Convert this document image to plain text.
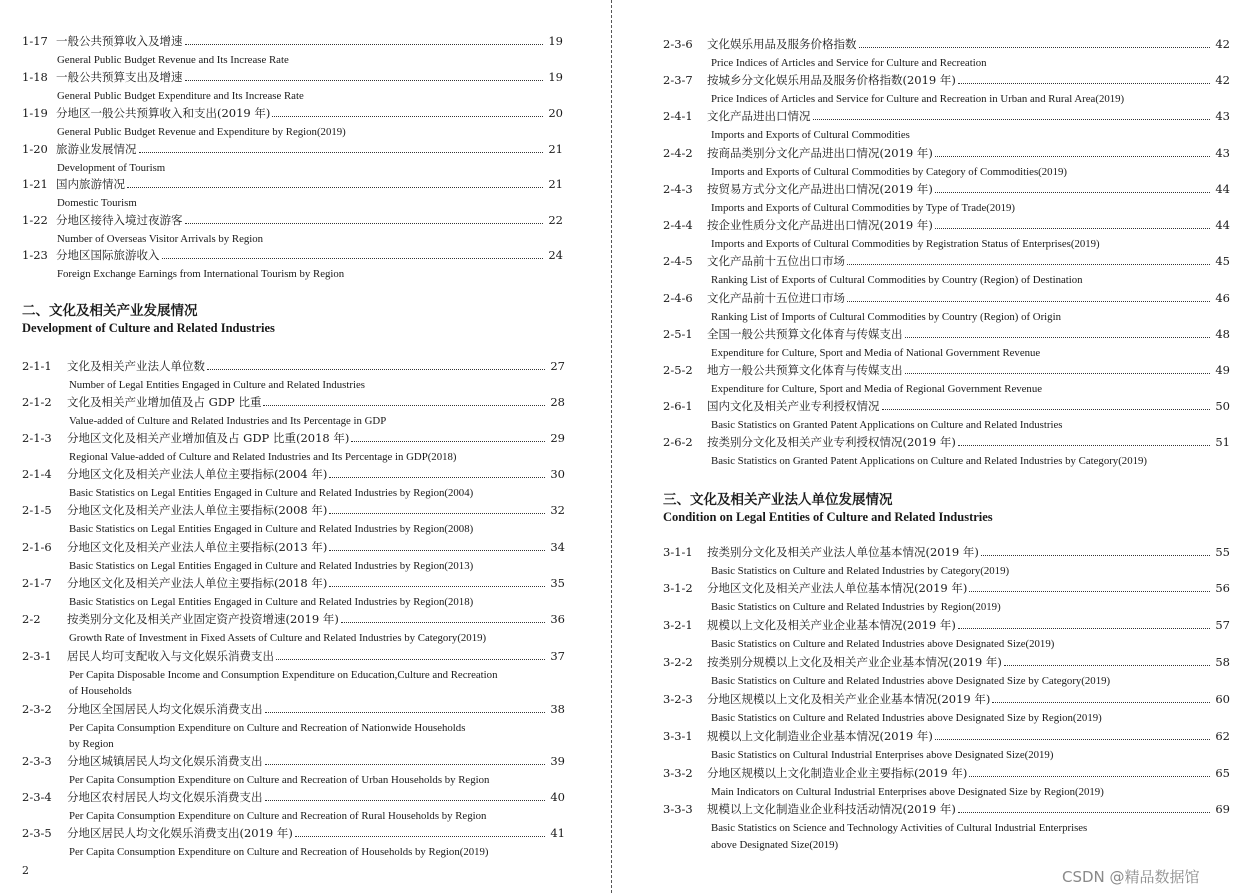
1-17 一般公共预算收入及增速	19
General Public Budget Revenue and Its Increase Rate
1-18 一般公共预算支出及增速	19
General Public Budget Expenditure and Its Increase Rate
1-19 分地区一般公共预算收入和支出(2019 年)	20
General Public Budget Revenue and Expenditure by Region(2019)
1-20 旅游业发展情况	21
Development of Tourism
1-21 国内旅游情况	21
Domestic Tourism
1-22 分地区接待入境过夜游客	22
Number of Overseas Visitor Arrivals by Region
1-23 分地区国际旅游收入	24
Foreign Exchange Earnings from International Tourism by Region
二、文化及相关产业发展情况
Development of Culture and Related Industries
2-1-1	文化及相关产业法人单位数	27
Number of Legal Entities Engaged in Culture and Related Industries
2-1-2	文化及相关产业增加值及占 GDP 比重	28
Value-added of Culture and Related Industries and Its Percentage in GDP
2-1-3	分地区文化及相关产业增加值及占 GDP 比重(2018 年)	29
Regional Value-added of Culture and Related Industries and Its Percentage in GDP(2018)
2-1-4	分地区文化及相关产业法人单位主要指标(2004 年)	30
Basic Statistics on Legal Entities Engaged in Culture and Related Industries by Region(2004)
2-1-5	分地区文化及相关产业法人单位主要指标(2008 年)	32
Basic Statistics on Legal Entities Engaged in Culture and Related Industries by Region(2008)
2-1-6	分地区文化及相关产业法人单位主要指标(2013 年)	34
Basic Statistics on Legal Entities Engaged in Culture and Related Industries by Region(2013)
2-1-7	分地区文化及相关产业法人单位主要指标(2018 年)	35
Basic Statistics on Legal Entities Engaged in Culture and Related Industries by Region(2018)
2-2	按类别分文化及相关产业固定资产投资增速(2019 年)	36
Growth Rate of Investment in Fixed Assets of Culture and Related Industries by Category(2019)
2-3-1	居民人均可支配收入与文化娱乐消费支出	37
Per Capita Disposable Income and Consumption Expenditure on Education,Culture and Recreation
of Households
2-3-2	分地区全国居民人均文化娱乐消费支出	38
Per Capita Consumption Expenditure on Culture and Recreation of Nationwide Households
by Region
2-3-3	分地区城镇居民人均文化娱乐消费支出	39
Per Capita Consumption Expenditure on Culture and Recreation of Urban Households by Region
2-3-4	分地区农村居民人均文化娱乐消费支出	40
Per Capita Consumption Expenditure on Culture and Recreation of Rural Households by Region
2-3-5	分地区居民人均文化娱乐消费支出(2019 年)	41
Per Capita Consumption Expenditure on Culture and Recreation of Households by Region(2019)
2-3-6	文化娱乐用品及服务价格指数	42
Price Indices of Articles and Service for Culture and Recreation
2-3-7	按城乡分文化娱乐用品及服务价格指数(2019 年)	42
Price Indices of Articles and Service for Culture and Recreation in Urban and Rural Area(2019)
2-4-1	文化产品进出口情况	43
Imports and Exports of Cultural Commodities
2-4-2	按商品类别分文化产品进出口情况(2019 年)	43
Imports and Exports of Cultural Commodities by Category of Commodities(2019)
2-4-3	按贸易方式分文化产品进出口情况(2019 年)	44
Imports and Exports of Cultural Commodities by Type of Trade(2019)
2-4-4	按企业性质分文化产品进出口情况(2019 年)	44
Imports and Exports of Cultural Commodities by Registration Status of Enterprises(2019)
2-4-5	文化产品前十五位出口市场	45
Ranking List of Exports of Cultural Commodities by Country (Region) of Destination
2-4-6	文化产品前十五位进口市场	46
Ranking List of Imports of Cultural Commodities by Country (Region) of Origin
2-5-1	全国一般公共预算文化体育与传媒支出	48
Expenditure for Culture, Sport and Media of National Government Revenue
2-5-2	地方一般公共预算文化体育与传媒支出	49
Expenditure for Culture, Sport and Media of Regional Government Revenue
2-6-1	国内文化及相关产业专利授权情况	50
Basic Statistics on Granted Patent Applications on Culture and Related Industries
2-6-2	按类别分文化及相关产业专利授权情况(2019 年)	51
Basic Statistics on Granted Patent Applications on Culture and Related Industries by Category(2019)
三、文化及相关产业法人单位发展情况
Condition on Legal Entities of Culture and Related Industries
3-1-1	按类别分文化及相关产业法人单位基本情况(2019 年)	55
Basic Statistics on Culture and Related Industries by Category(2019)
3-1-2	分地区文化及相关产业法人单位基本情况(2019 年)	56
Basic Statistics on Culture and Related Industries by Region(2019)
3-2-1	规模以上文化及相关产业企业基本情况(2019 年)	57
Basic Statistics on Culture and Related Industries above Designated Size(2019)
3-2-2	按类别分规模以上文化及相关产业企业基本情况(2019 年)	58
Basic Statistics on Culture and Related Industries above Designated Size by Category(2019)
3-2-3	分地区规模以上文化及相关产业企业基本情况(2019 年)	60
Basic Statistics on Culture and Related Industries above Designated Size by Region(2019)
3-3-1	规模以上文化制造业企业基本情况(2019 年)	62
Basic Statistics on Cultural Industrial Enterprises above Designated Size(2019)
3-3-2	分地区规模以上文化制造业企业主要指标(2019 年)	65
Main Indicators on Cultural Industrial Enterprises above Designated Size by Region(2019)
3-3-3	规模以上文化制造业企业科技活动情况(2019 年)	69
Basic Statistics on Science and Technology Activities of Cultural Industrial Enterprises
above Designated Size(2019)
2	CSDN @精品数据馆
